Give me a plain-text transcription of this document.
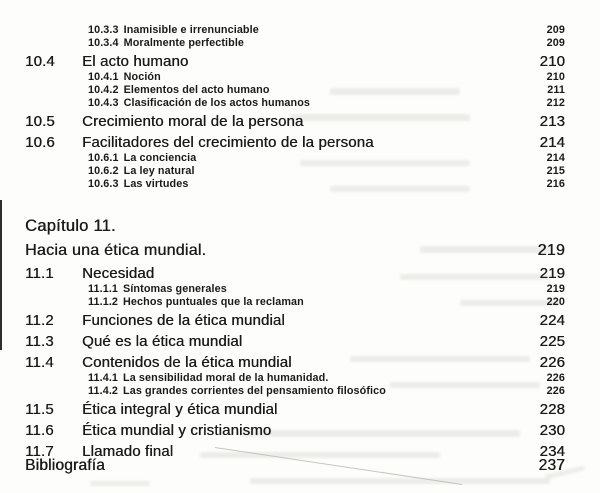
10.3.3 Inamisible e irrenunciable	209
10.3.4 Moralmente perfectible	209
10.4 El acto humano	210
10.4.1 Noción	210
10.4.2 Elementos del acto humano	211
10.4.3 Clasificación de los actos humanos	212
10.5 Crecimiento moral de la persona	213
10.6 Facilitadores del crecimiento de la persona	214
10.6.1 La conciencia	214
10.6.2 La ley natural	215
10.6.3 Las virtudes	216
Capítulo 11.
Hacia una ética mundial.	219
11.1 Necesidad	219
11.1.1 Síntomas generales	219
11.1.2 Hechos puntuales que la reclaman	220
11.2 Funciones de la ética mundial	224
11.3 Qué es la ética mundial	225
11.4 Contenidos de la ética mundial	226
11.4.1 La sensibilidad moral de la humanidad.	226
11.4.2 Las grandes corrientes del pensamiento filosófico	226
11.5 Ética integral y ética mundial	228
11.6 Ética mundial y cristianismo	230
11.7 Llamado final	234
Bibliografía	237
